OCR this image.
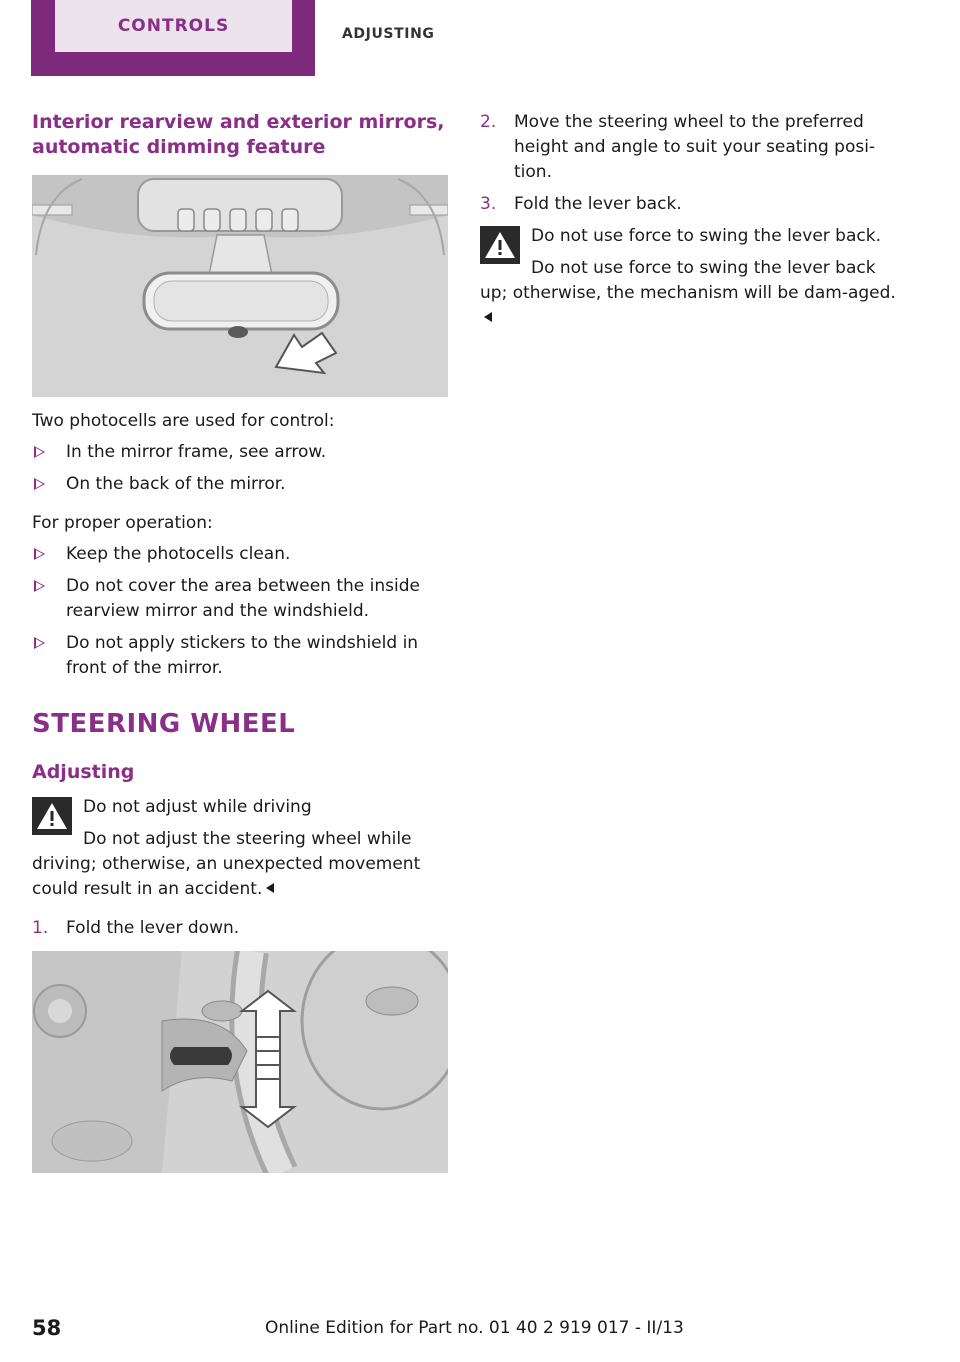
CONTROLS	ADJUSTING
Interior rearview and exterior mirrors, automatic dimming feature

Two photocells are used for control:

In the mirror frame, see arrow.
On the back of the mirror.

For proper operation:

Keep the photocells clean.
Do not cover the area between the inside rearview mirror and the windshield.
Do not apply stickers to the windshield in front of the mirror.
STEERING WHEEL
Adjusting
Do not adjust while driving

Do not adjust the steering wheel while driving; otherwise, an unexpected movement could result in an accident.

1. Fold the lever down.
2. Move the steering wheel to the preferred height and angle to suit your seating posi‐tion.
3. Fold the lever back.
Do not use force to swing the lever back.

Do not use force to swing the lever back up; otherwise, the mechanism will be dam‐aged.

58	Online Edition for Part no. 01 40 2 919 017 - II/13
